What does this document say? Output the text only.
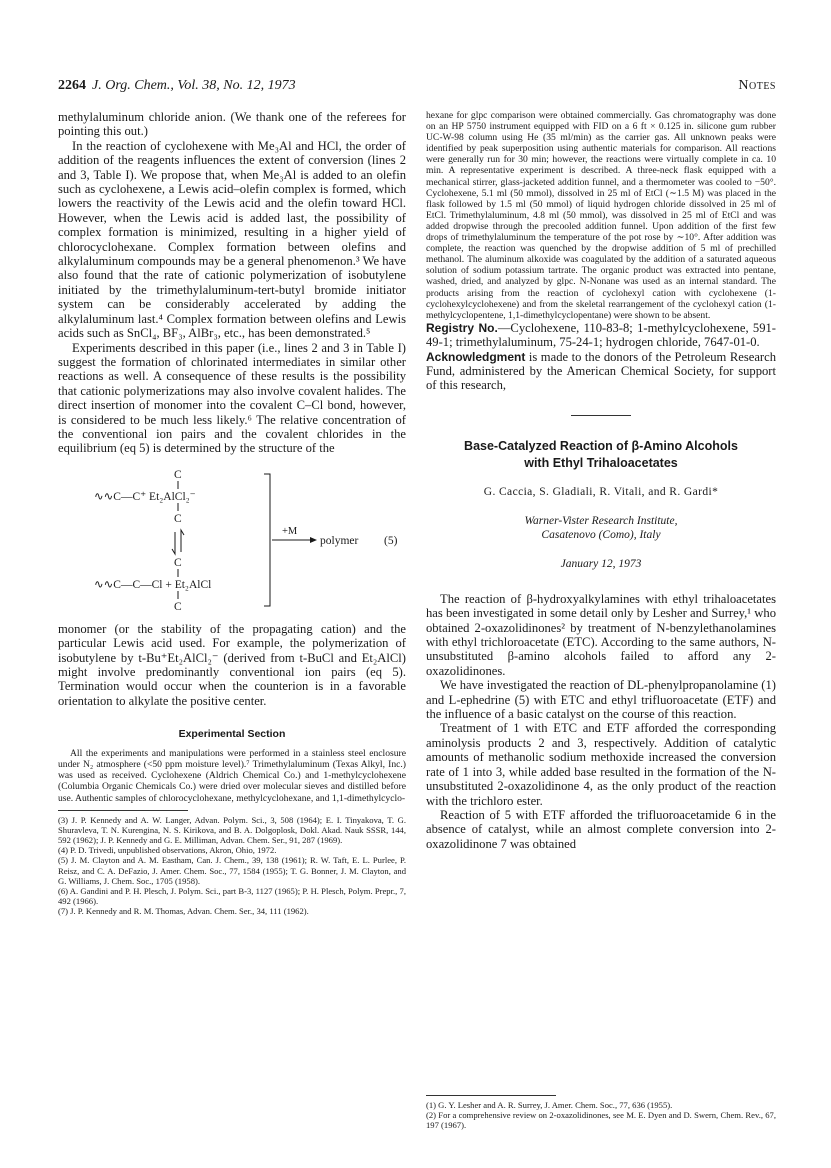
2264 J. Org. Chem., Vol. 38, No. 12, 1973	Notes

methylaluminum chloride anion. (We thank one of the referees for pointing this out.)

In the reaction of cyclohexene with Me₃Al and HCl, the order of addition of the reagents influences the extent of conversion (lines 2 and 3, Table I). We propose that, when Me₃Al is added to an olefin such as cyclohexene, a Lewis acid–olefin complex is formed, which lowers the reactivity of the Lewis acid and the olefin toward HCl. However, when the Lewis acid is added last, the possibility of complex formation is minimized, resulting in a higher yield of chlorocyclohexane. Complex formation between olefins and alkylaluminum compounds may be a general phenomenon.³ We have also found that the rate of cationic polymerization of isobutylene initiated by the trimethylaluminum-tert-butyl bromide initiator system can be considerably accelerated by adding the alkylaluminum last.⁴ Complex formation between olefins and Lewis acids such as SnCl₄, BF₃, AlBr₃, etc., has been demonstrated.⁵

Experiments described in this paper (i.e., lines 2 and 3 in Table I) suggest the formation of chlorinated intermediates in similar other reactions as well. A consequence of these results is the possibility that cationic polymerizations may also involve covalent halides. The direct insertion of monomer into the covalent C–Cl bond, however, is considered to be much less likely.⁶ The relative concentration of the conventional ion pairs and the covalent chlorides in the equilibrium (eq 5) is determined by the structure of the

C
∿∿C—C⁺ Et₂AlCl₂⁻
C
C
∿∿C—C—Cl + Et₂AlCl
C
+M
polymer (5)

monomer (or the stability of the propagating cation) and the particular Lewis acid used. For example, the polymerization of isobutylene by t-Bu⁺Et₂AlCl₂⁻ (derived from t-BuCl and Et₂AlCl) might involve predominantly conventional ion pairs (eq 5). Termination would occur when the counterion is in a favorable orientation to alkylate the positive center.

Experimental Section

All the experiments and manipulations were performed in a stainless steel enclosure under N₂ atmosphere (<50 ppm moisture level).⁷ Trimethylaluminum (Texas Alkyl, Inc.) was used as received. Cyclohexene (Aldrich Chemical Co.) and 1-methylcyclohexene (Columbia Organic Chemicals Co.) were dried over molecular sieves and distilled before use. Authentic samples of chlorocyclohexane, methylcyclohexane, and 1,1-dimethylcyclo-

(3) J. P. Kennedy and A. W. Langer, Advan. Polym. Sci., 3, 508 (1964); E. I. Tinyakova, T. G. Shuravleva, T. N. Kurengina, N. S. Kirikova, and B. A. Dolgoplosk, Dokl. Akad. Nauk SSSR, 144, 592 (1962); J. P. Kennedy and G. E. Milliman, Advan. Chem. Ser., 91, 287 (1969).

(4) P. D. Trivedi, unpublished observations, Akron, Ohio, 1972.

(5) J. M. Clayton and A. M. Eastham, Can. J. Chem., 39, 138 (1961); R. W. Taft, E. L. Purlee, P. Reisz, and C. A. DeFazio, J. Amer. Chem. Soc., 77, 1584 (1955); T. G. Bonner, J. M. Clayton, and G. Williams, J. Chem. Soc., 1705 (1958).

(6) A. Gandini and P. H. Plesch, J. Polym. Sci., part B-3, 1127 (1965); P. H. Plesch, Polym. Prepr., 7, 492 (1966).

(7) J. P. Kennedy and R. M. Thomas, Advan. Chem. Ser., 34, 111 (1962).

hexane for glpc comparison were obtained commercially. Gas chromatography was done on an HP 5750 instrument equipped with FID on a 6 ft × 0.125 in. silicone gum rubber UC-W-98 column using He (35 ml/min) as the carrier gas. All unknown peaks were identified by peak superposition using authentic materials for comparison. All reactions were generally run for 30 min; however, the reactions were virtually complete in ca. 10 min. A representative experiment is described. A three-neck flask equipped with a mechanical stirrer, glass-jacketed addition funnel, and a thermometer was cooled to −50°. Cyclohexene, 5.1 ml (50 mmol), dissolved in 25 ml of EtCl (∼1.5 M) was placed in the flask followed by 1.5 ml (50 mmol) of liquid hydrogen chloride dissolved in 25 ml of EtCl. Trimethylaluminum, 4.8 ml (50 mmol), was dissolved in 25 ml of EtCl and was added dropwise through the precooled addition funnel. Upon addition of the first few drops of trimethylaluminum the temperature of the pot rose by ∼10°. After addition was complete, the reaction was quenched by the dropwise addition of 5 ml of prechilled methanol. The aluminum alkoxide was coagulated by the addition of a saturated aqueous solution of sodium potassium tartrate. The organic product was extracted into pentane, washed, dried, and analyzed by glpc. N-Nonane was used as an internal standard. The products arising from the reaction of cyclohexyl cation with cyclohexene (1-cyclohexylcyclohexene) and from the skeletal rearrangement of the cyclohexyl cation (1-methylcyclopentene, 1,1-dimethylcyclopentane) were shown to be absent.

Registry No.—Cyclohexene, 110-83-8; 1-methylcyclohexene, 591-49-1; trimethylaluminum, 75-24-1; hydrogen chloride, 7647-01-0.

Acknowledgment is made to the donors of the Petroleum Research Fund, administered by the American Chemical Society, for support of this research,

Base-Catalyzed Reaction of β-Amino Alcohols
with Ethyl Trihaloacetates

G. Caccia, S. Gladiali, R. Vitali, and R. Gardi*

Warner-Vister Research Institute,
Casatenovo (Como), Italy

January 12, 1973

The reaction of β-hydroxyalkylamines with ethyl trihaloacetates has been investigated in some detail only by Lesher and Surrey,¹ who obtained 2-oxazolidinones² by treatment of N-benzylethanolamines with ethyl trichloroacetate (ETC). According to the same authors, N-unsubstituted β-amino alcohols failed to afford any 2-oxazolidinones.

We have investigated the reaction of DL-phenylpropanolamine (1) and L-ephedrine (5) with ETC and ethyl trifluoroacetate (ETF) and the influence of a basic catalyst on the course of this reaction.

Treatment of 1 with ETC and ETF afforded the corresponding aminolysis products 2 and 3, respectively. Addition of catalytic amounts of methanolic sodium methoxide increased the conversion rate of 1 into 3, while added base resulted in the formation of the N-unsubstituted 2-oxazolidinone 4, as the only product of the reaction with the trichloro ester.

Reaction of 5 with ETF afforded the trifluoroacetamide 6 in the absence of catalyst, while an almost complete conversion into 2-oxazolidinone 7 was obtained

(1) G. Y. Lesher and A. R. Surrey, J. Amer. Chem. Soc., 77, 636 (1955).

(2) For a comprehensive review on 2-oxazolidinones, see M. E. Dyen and D. Swern, Chem. Rev., 67, 197 (1967).
